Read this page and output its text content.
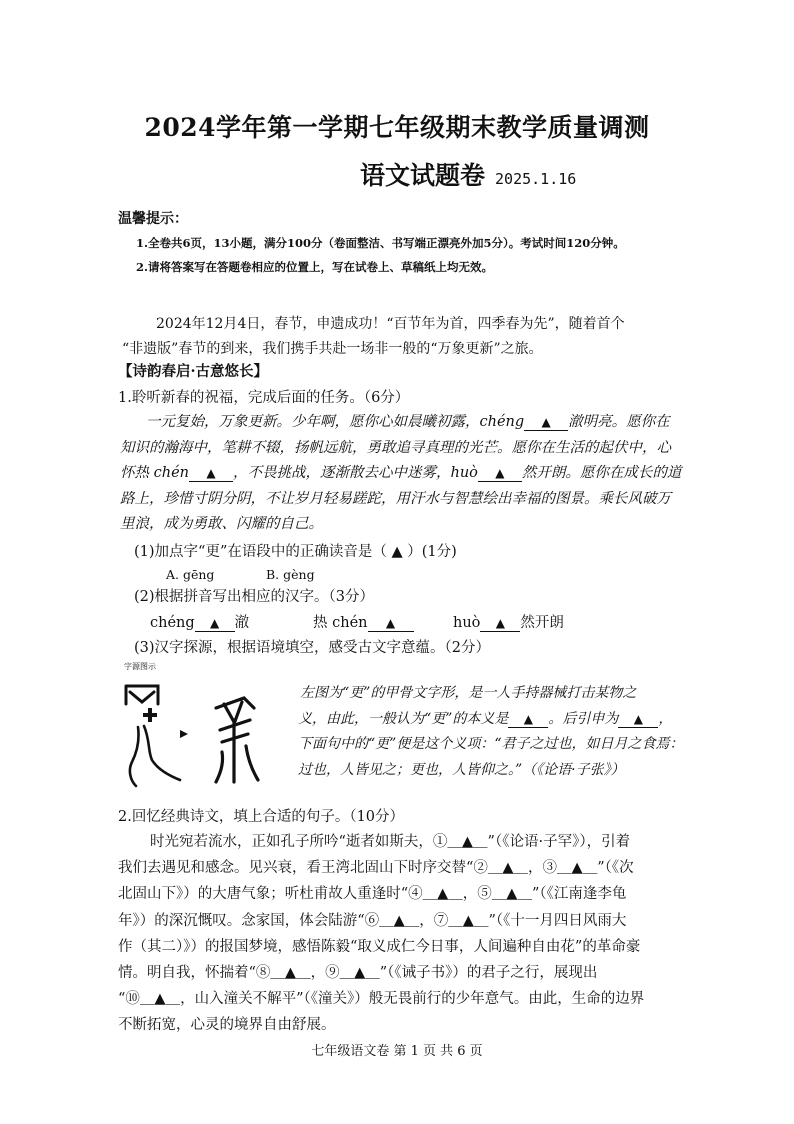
2024学年第一学期七年级期末教学质量调测
语文试题卷 2025.1.16
温馨提示：
1.全卷共6页，13小题，满分100分（卷面整洁、书写端正漂亮外加5分）。考试时间120分钟。
2.请将答案写在答题卷相应的位置上，写在试卷上、草稿纸上均无效。

2024年12月4日，春节，申遗成功！“百节年为首，四季春为先”，随着首个

“非遗版”春节的到来，我们携手共赴一场非一般的“万象更新”之旅。

【诗韵春启·古意悠长】
1.聆听新春的祝福，完成后面的任务。（6分）

一元复始，万象更新。少年啊，愿你心如晨曦初露，chéng ▲ 澈明亮。愿你在

知识的瀚海中，笔耕不辍，扬帆远航，勇敢追寻真理的光芒。愿你在生活的起伏中，心

怀热 chén ▲ ，不畏挑战，逐渐散去心中迷雾，huò ▲ 然开朗。愿你在成长的道

路上，珍惜寸阴分阴，不让岁月轻易蹉跎，用汗水与智慧绘出幸福的图景。乘长风破万

里浪，成为勇敢、闪耀的自己。

(1)加点字“更”在语段中的正确读音是（ ▲ ）(1分)
A. gēng	B. gèng
(2)根据拼音写出相应的汉字。（3分）
chéng ▲ 澈	热 chén ▲	huò ▲ 然开朗
(3)汉字探源，根据语境填空，感受古文字意蕴。（2分）
字源图示

左图为“更”的甲骨文字形，是一人手持器械打击某物之

义，由此，一般认为“更”的本义是 ▲ 。后引申为 ▲ ，

下面句中的“更”便是这个义项：“君子之过也，如日月之食焉：

过也，人皆见之；更也，人皆仰之。”（《论语·子张》）

2.回忆经典诗文，填上合适的句子。（10分）

时光宛若流水，正如孔子所吟“逝者如斯夫，①＿▲＿”（《论语·子罕》），引着

我们去遇见和感念。见兴衰，看王湾北固山下时序交替“②＿▲＿，③＿▲＿”（《次

北固山下》）的大唐气象；听杜甫故人重逢时“④＿▲＿，⑤＿▲＿”（《江南逢李龟

年》）的深沉慨叹。念家国，体会陆游“⑥＿▲＿，⑦＿▲＿”（《十一月四日风雨大

作（其二）》）的报国梦境，感悟陈毅“取义成仁今日事，人间遍种自由花”的革命豪

情。明自我，怀揣着“⑧＿▲＿，⑨＿▲＿”（《诫子书》）的君子之行，展现出

“⑩＿▲＿，山入潼关不解平”（《潼关》）般无畏前行的少年意气。由此，生命的边界

不断拓宽，心灵的境界自由舒展。

七年级语文卷 第 1 页 共 6 页
